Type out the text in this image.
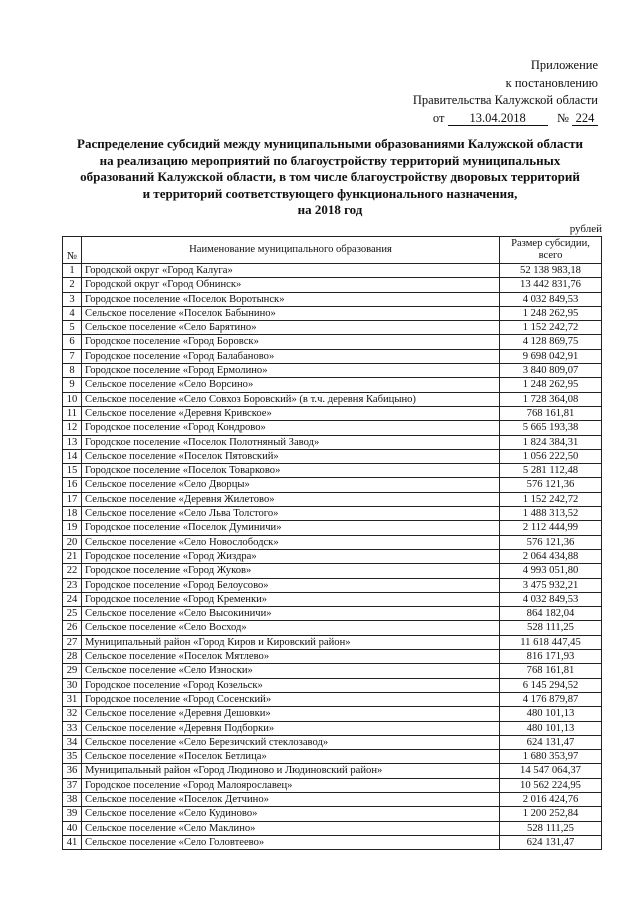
Приложение
к постановлению
Правительства Калужской области
от 13.04.2018	№ 224
Распределение субсидий между муниципальными образованиями Калужской области
на реализацию мероприятий по благоустройству территорий муниципальных
образований Калужской области, в том числе благоустройству дворовых территорий
и территорий соответствующего функционального назначения,
на 2018 год
рублей
№	Наименование муниципального образования	Размер субсидии, всего
1	Городской округ «Город Калуга»	52 138 983,18
2	Городской округ «Город Обнинск»	13 442 831,76
3	Городское поселение «Поселок Воротынск»	4 032 849,53
4	Сельское поселение «Поселок Бабынино»	1 248 262,95
5	Сельское поселение «Село Барятино»	1 152 242,72
6	Городское поселение «Город Боровск»	4 128 869,75
7	Городское поселение «Город Балабаново»	9 698 042,91
8	Городское поселение «Город Ермолино»	3 840 809,07
9	Сельское поселение «Село Ворсино»	1 248 262,95
10	Сельское поселение «Село Совхоз Боровский» (в т.ч. деревня Кабицыно)	1 728 364,08
11	Сельское поселение «Деревня Кривское»	768 161,81
12	Городское поселение «Город Кондрово»	5 665 193,38
13	Городское поселение «Поселок Полотняный Завод»	1 824 384,31
14	Сельское поселение «Поселок Пятовский»	1 056 222,50
15	Городское поселение «Поселок Товарково»	5 281 112,48
16	Сельское поселение «Село Дворцы»	576 121,36
17	Сельское поселение «Деревня Жилетово»	1 152 242,72
18	Сельское поселение «Село Льва Толстого»	1 488 313,52
19	Городское поселение «Поселок Думиничи»	2 112 444,99
20	Сельское поселение «Село Новослободск»	576 121,36
21	Городское поселение «Город Жиздра»	2 064 434,88
22	Городское поселение «Город Жуков»	4 993 051,80
23	Городское поселение «Город Белоусово»	3 475 932,21
24	Городское поселение «Город Кременки»	4 032 849,53
25	Сельское поселение «Село Высокиничи»	864 182,04
26	Сельское поселение «Село Восход»	528 111,25
27	Муниципальный район «Город Киров и Кировский район»	11 618 447,45
28	Сельское поселение «Поселок Мятлево»	816 171,93
29	Сельское поселение «Село Износки»	768 161,81
30	Городское поселение «Город Козельск»	6 145 294,52
31	Городское поселение «Город Сосенский»	4 176 879,87
32	Сельское поселение «Деревня Дешовки»	480 101,13
33	Сельское поселение «Деревня Подборки»	480 101,13
34	Сельское поселение «Село Березичский стеклозавод»	624 131,47
35	Сельское поселение «Поселок Бетлица»	1 680 353,97
36	Муниципальный район «Город Людиново и Людиновский район»	14 547 064,37
37	Городское поселение «Город Малоярославец»	10 562 224,95
38	Сельское поселение «Поселок Детчино»	2 016 424,76
39	Сельское поселение «Село Кудиново»	1 200 252,84
40	Сельское поселение «Село Маклино»	528 111,25
41	Сельское поселение «Село Головтеево»	624 131,47
